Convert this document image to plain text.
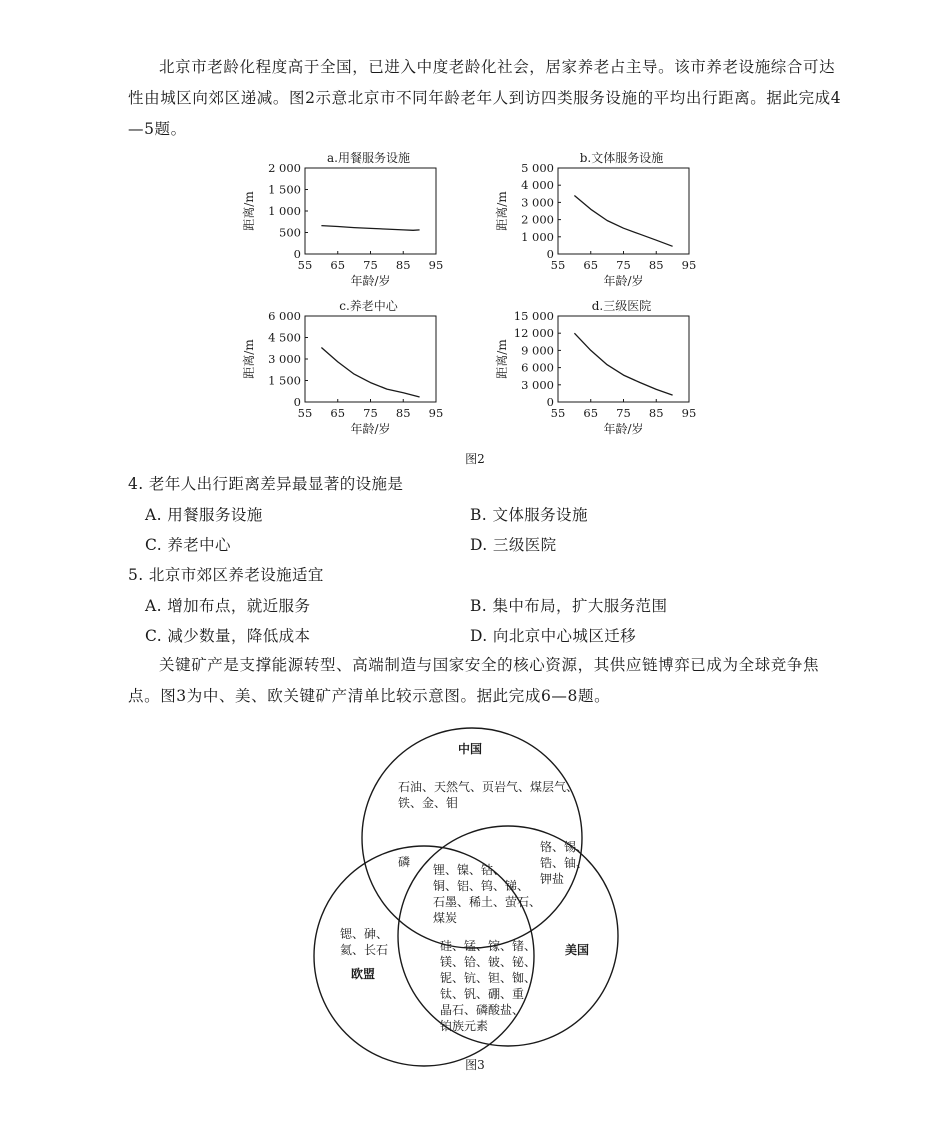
北京市老龄化程度高于全国，已进入中度老龄化社会，居家养老占主导。该市养老设施综合可达性由城区向郊区递减。图2示意北京市不同年龄老年人到访四类服务设施的平均出行距离。据此完成4—5题。

a.用餐服务设施
55 65 75 85 95
0
500
1 000
1 500
2 000
年龄/岁
距离/m
b.文体服务设施
55 65 75 85 95
0
1 000
2 000
3 000
4 000
5 000
年龄/岁
距离/m
c.养老中心
55 65 75 85 95
0
1 500
3 000
4 500
6 000
年龄/岁
距离/m
d.三级医院
55 65 75 85 95
0
3 000
6 000
9 000
12 000
15 000
年龄/岁
距离/m

图2

4. 老年人出行距离差异最显著的设施是

A. 用餐服务设施	B. 文体服务设施

C. 养老中心	D. 三级医院

5. 北京市郊区养老设施适宜

A. 增加布点，就近服务	B. 集中布局，扩大服务范围

C. 减少数量，降低成本	D. 向北京中心城区迁移

关键矿产是支撑能源转型、高端制造与国家安全的核心资源，其供应链博弈已成为全球竞争焦点。图3为中、美、欧关键矿产清单比较示意图。据此完成6—8题。

中国
美国
欧盟
石油、天然气、页岩气、煤层气、
铁、金、钼
磷
铬、锡、
锆、铀、
钾盐
锂、镍、钴、
铜、铝、钨、锑、
石墨、稀土、萤石、
煤炭
锶、砷、
氦、长石	硅、锰、镓、锗、
镁、铪、铍、铋、
铌、钪、钽、铷、
钛、钒、硼、重
晶石、磷酸盐、
铂族元素

图3
